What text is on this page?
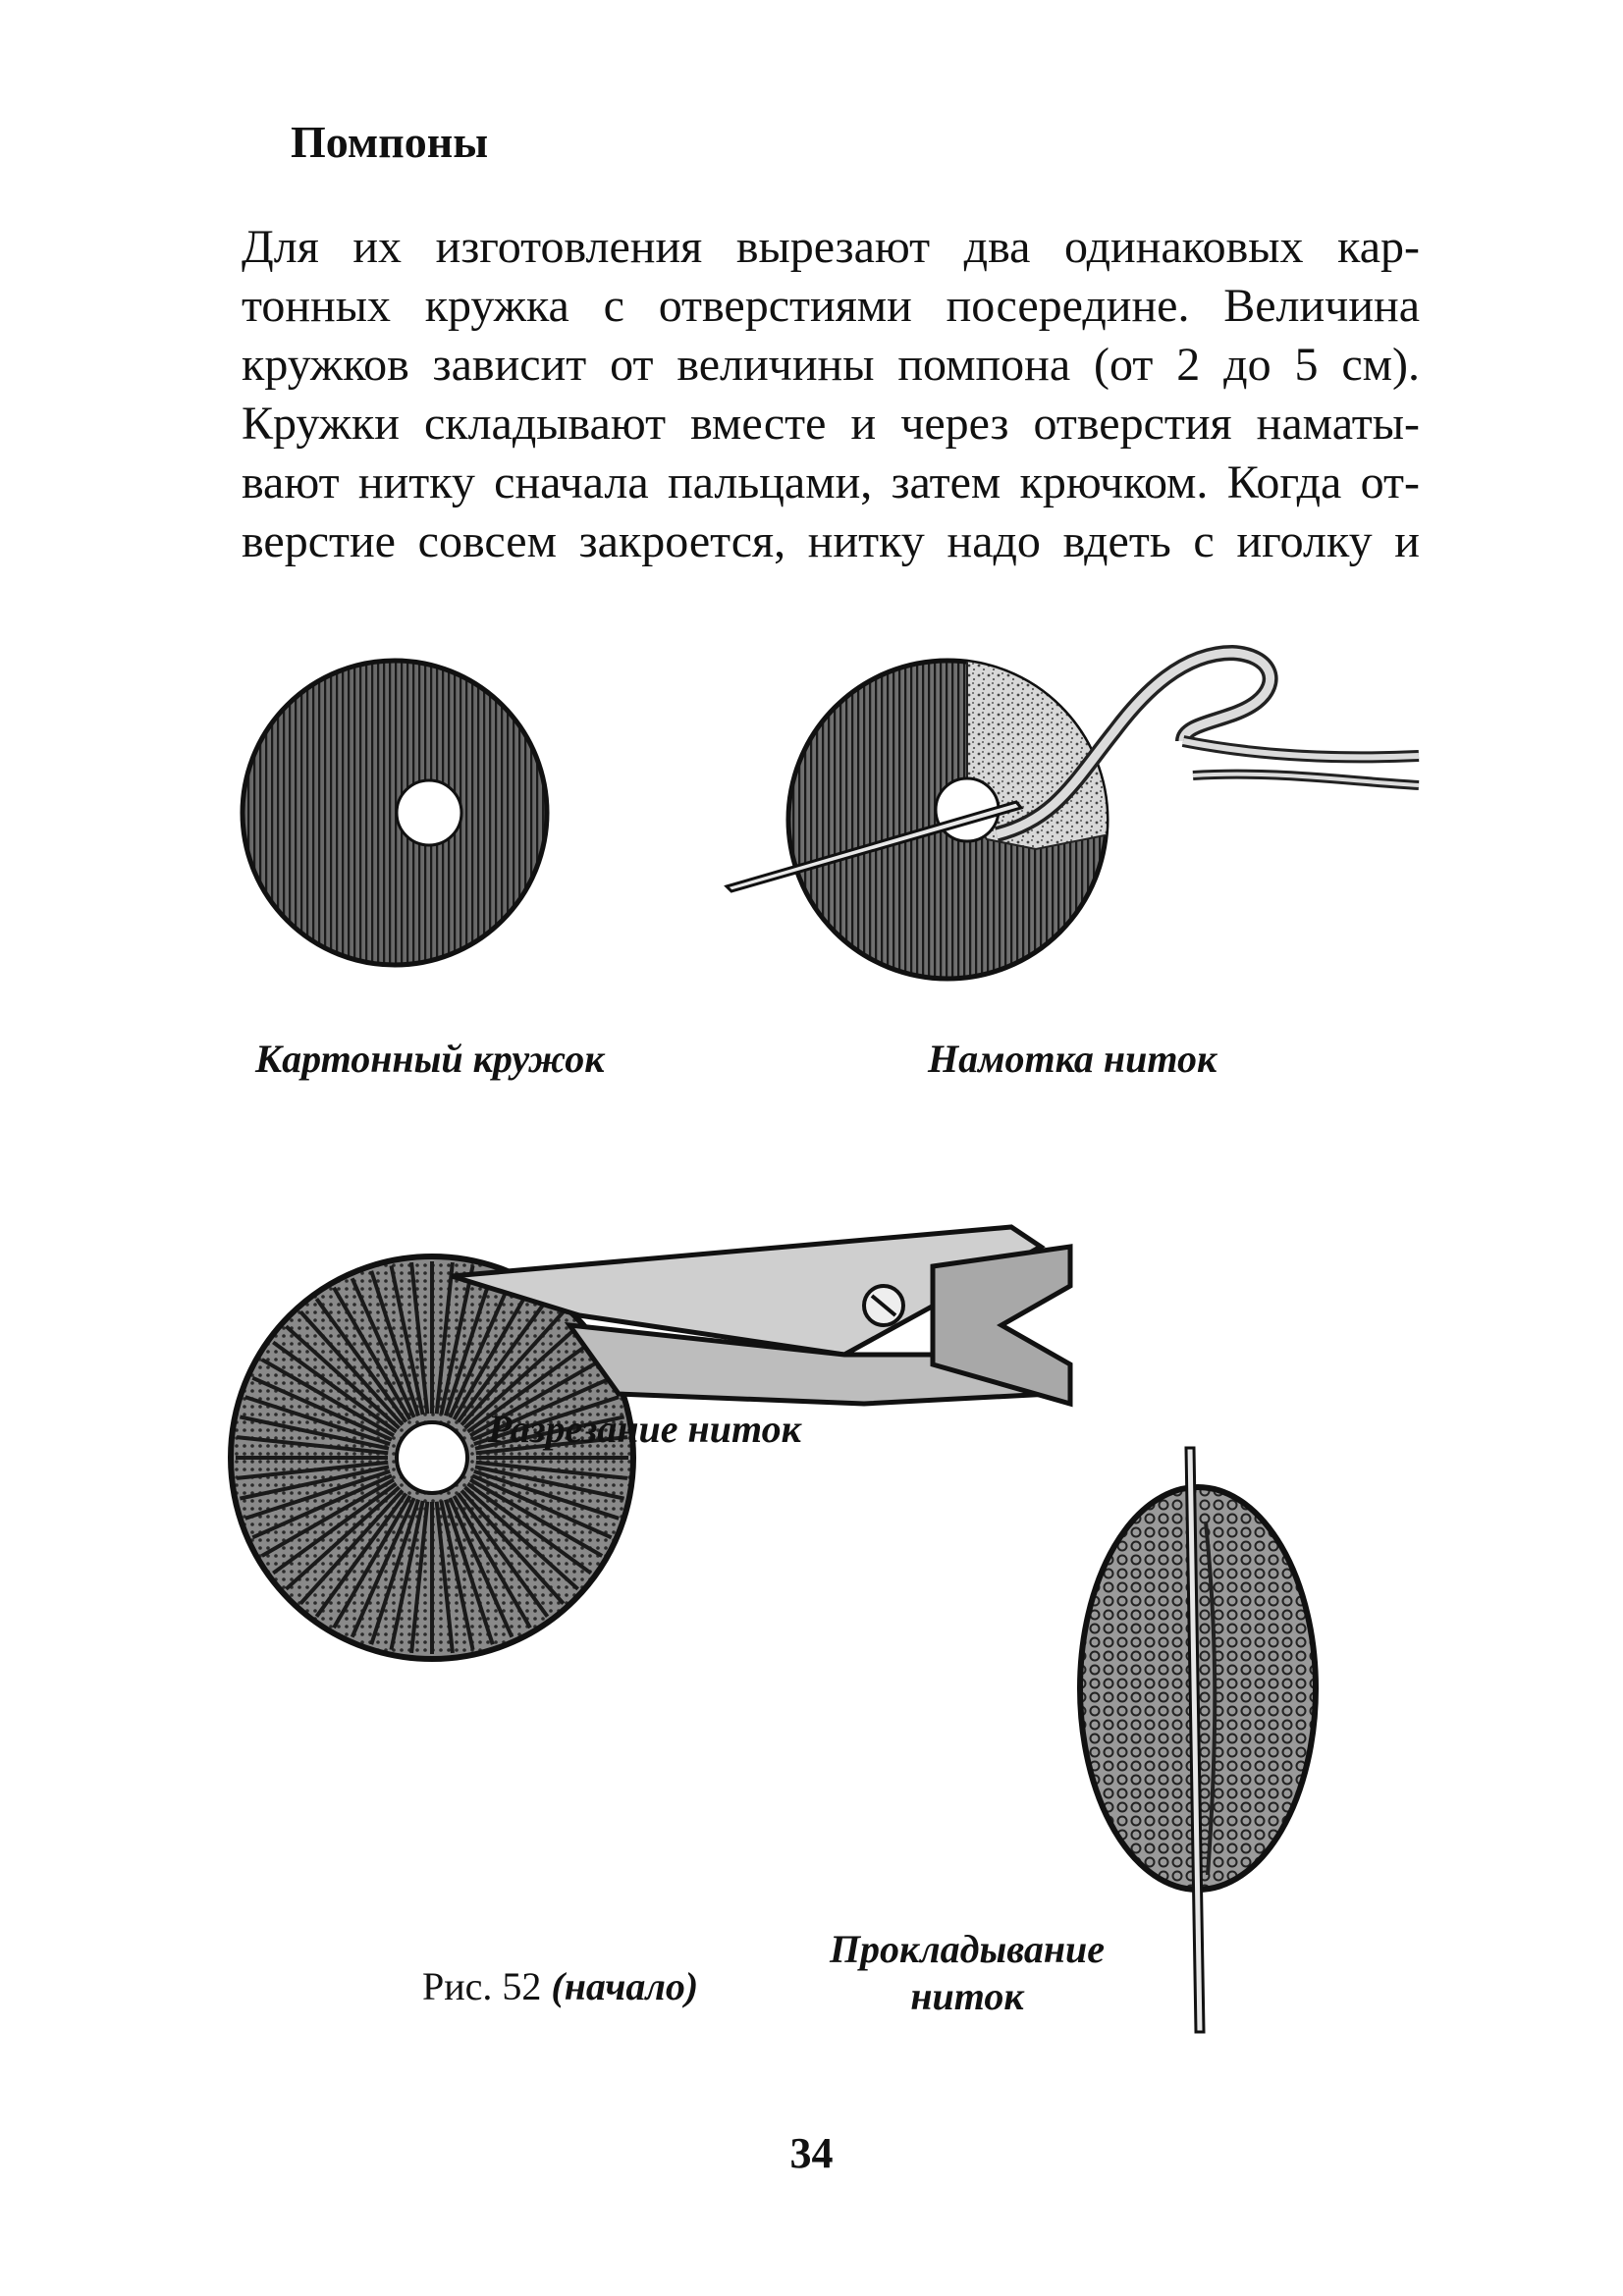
Помпоны
Для их изготовления вырезают два одинаковых кар-
тонных кружка с отверстиями посередине. Величина
кружков зависит от величины помпона (от 2 до 5 см).
Кружки складывают вместе и через отверстия наматы-
вают нитку сначала пальцами, затем крючком. Когда от-
верстие совсем закроется, нитку надо вдеть с иголку и
Картонный кружок	Намотка ниток
Разрезание ниток
Прокладывание
ниток
Рис. 52 (начало)
34
